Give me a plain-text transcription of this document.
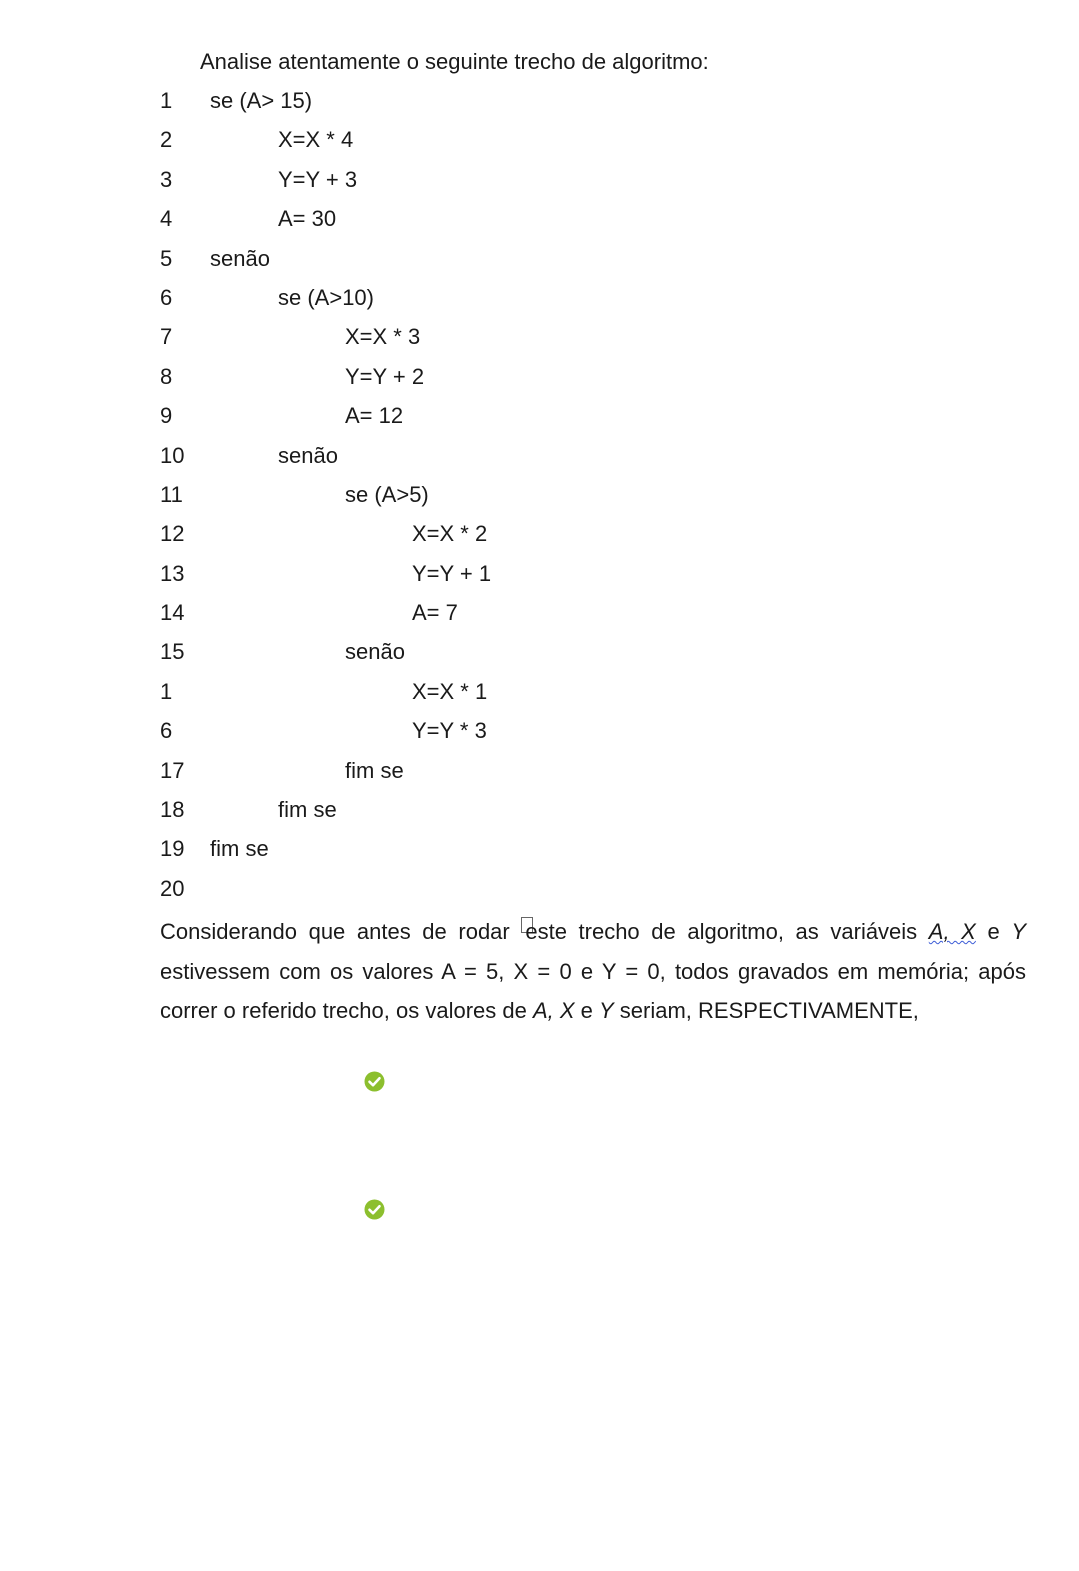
Analise atentamente o seguinte trecho de algoritmo:
1 se (A> 15)
2	X=X * 4
3	Y=Y + 3
4	A= 30
5 senão
6	se (A>10)
7	X=X * 3
8	Y=Y + 2
9	A= 12
10	senão
11	se (A>5)
12	X=X * 2
13	Y=Y + 1
14	A= 7
15	senão
1	X=X * 1
6	Y=Y * 3
17	fim se
18	fim se
19 fim se
20
Considerando que antes de rodar este trecho de algoritmo, as variáveis A, X e Y estivessem com os valores A = 5, X = 0 e Y = 0, todos gravados em memória; após correr o referido trecho, os valores de A, X e Y seriam, RESPECTIVAMENTE,
